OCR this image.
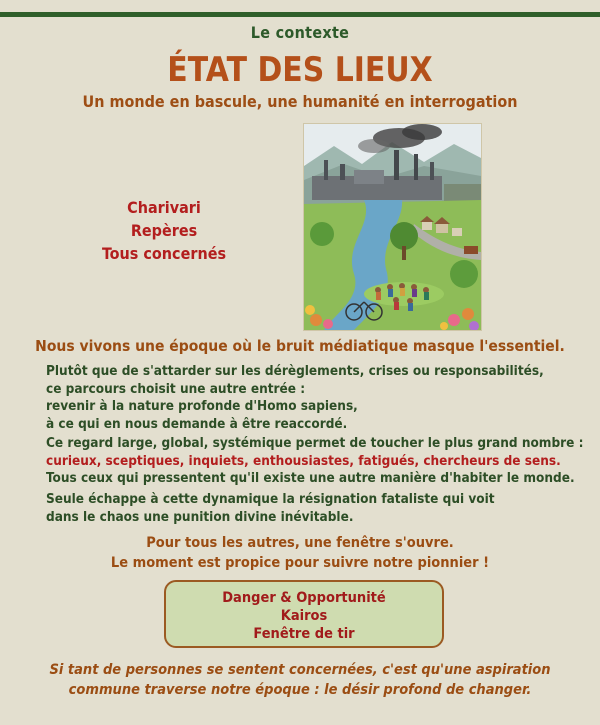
Le contexte
ÉTAT DES LIEUX
Un monde en bascule, une humanité en interrogation
Charivari
Repères
Tous concernés
Nous vivons une époque où le bruit médiatique masque l'essentiel.
Plutôt que de s'attarder sur les dérèglements, crises ou responsabilités,
ce parcours choisit une autre entrée :
revenir à la nature profonde d'Homo sapiens,
à ce qui en nous demande à être reaccordé.
Ce regard large, global, systémique permet de toucher le plus grand nombre :
curieux, sceptiques, inquiets, enthousiastes, fatigués, chercheurs de sens.
Tous ceux qui pressentent qu'il existe une autre manière d'habiter le monde.
Seule échappe à cette dynamique la résignation fataliste qui voit
dans le chaos une punition divine inévitable.
Pour tous les autres, une fenêtre s'ouvre.
Le moment est propice pour suivre notre pionnier !
Danger & Opportunité
Kairos
Fenêtre de tir
Si tant de personnes se sentent concernées, c'est qu'une aspiration
commune traverse notre époque : le désir profond de changer.
